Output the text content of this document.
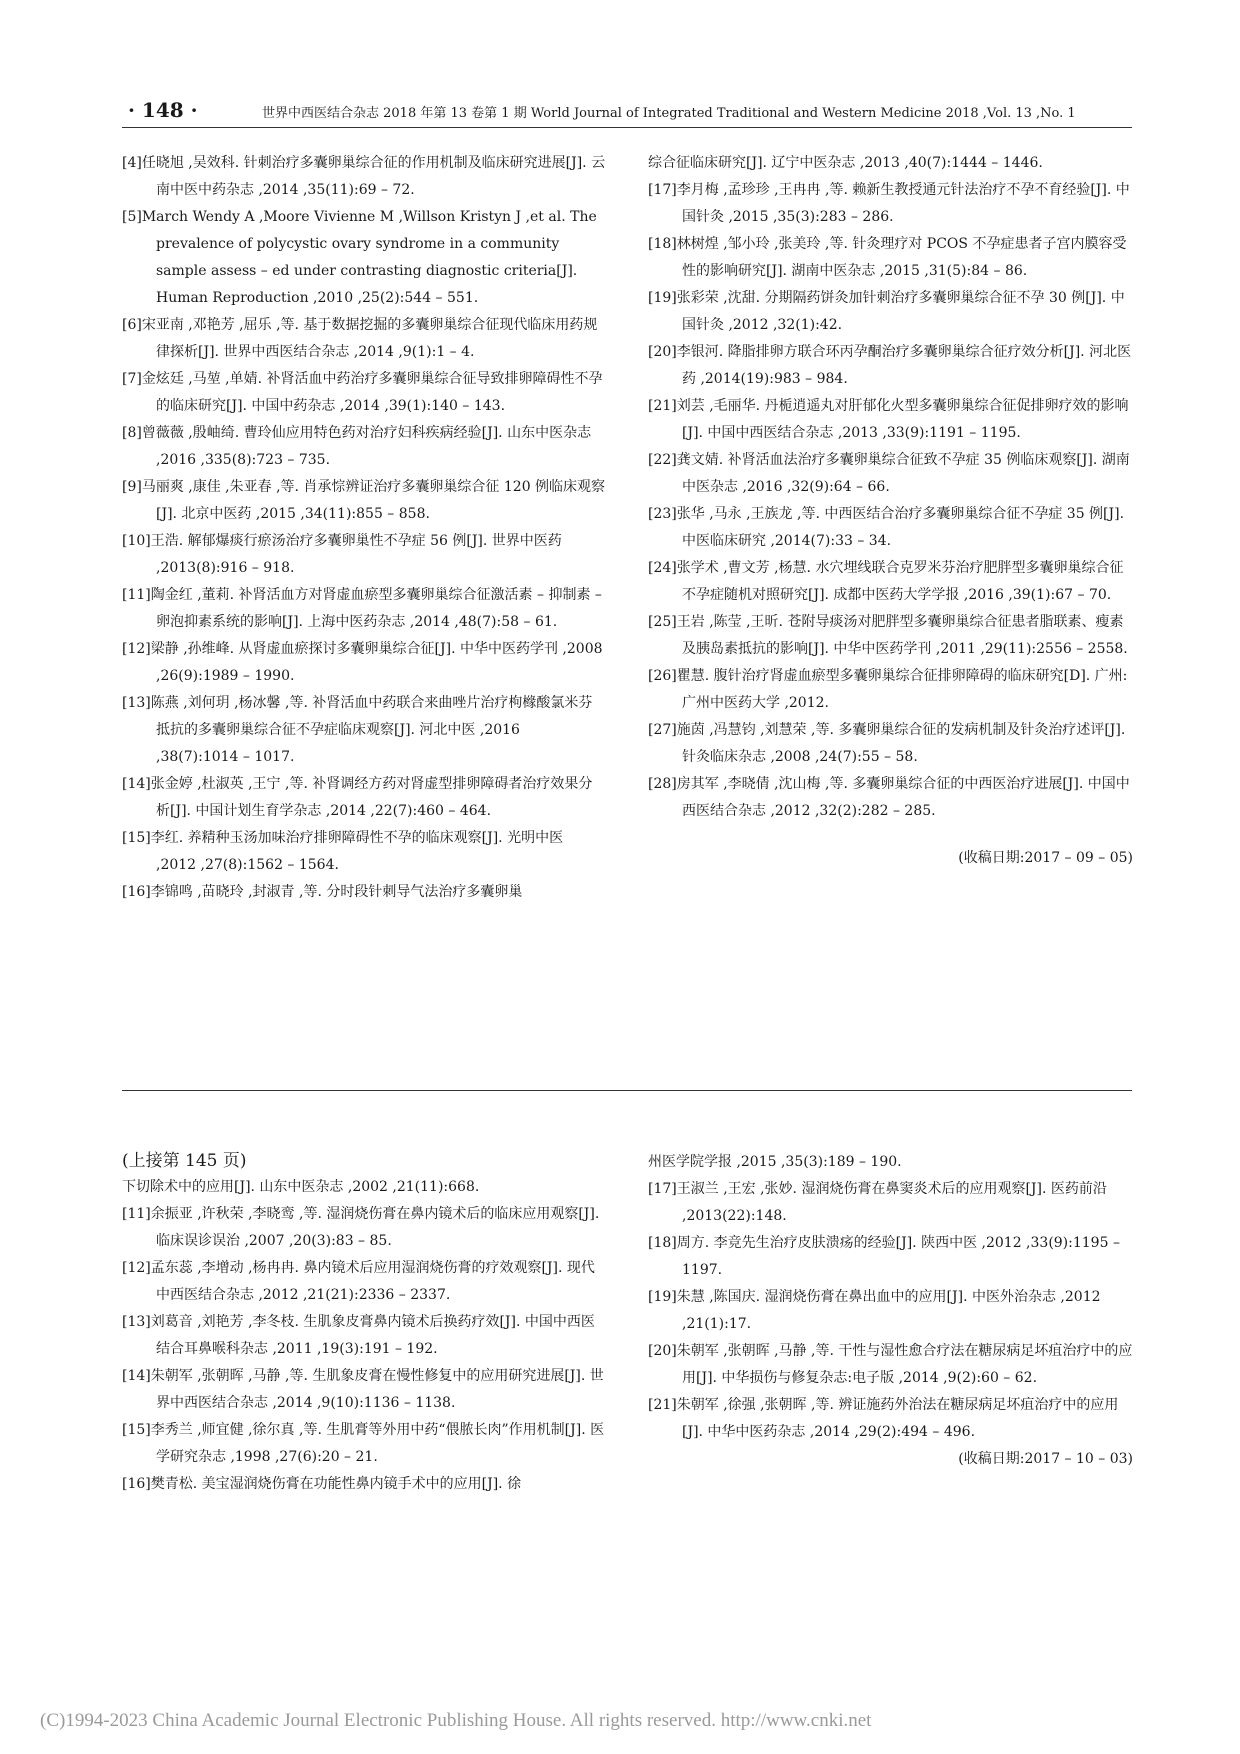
· 148 ·	世界中西医结合杂志 2018 年第 13 卷第 1 期 World Journal of Integrated Traditional and Western Medicine 2018 ,Vol. 13 ,No. 1
[4]任晓旭 ,吴效科. 针刺治疗多囊卵巢综合征的作用机制及临床研究进展[J]. 云南中医中药杂志 ,2014 ,35(11):69 – 72.
[5]March Wendy A ,Moore Vivienne M ,Willson Kristyn J ,et al. The prevalence of polycystic ovary syndrome in a community sample assess – ed under contrasting diagnostic criteria[J]. Human Reproduction ,2010 ,25(2):544 – 551.
[6]宋亚南 ,邓艳芳 ,屈乐 ,等. 基于数据挖掘的多囊卵巢综合征现代临床用药规律探析[J]. 世界中西医结合杂志 ,2014 ,9(1):1 – 4.
[7]金炫廷 ,马堃 ,单婧. 补肾活血中药治疗多囊卵巢综合征导致排卵障碍性不孕的临床研究[J]. 中国中药杂志 ,2014 ,39(1):140 – 143.
[8]曾薇薇 ,殷岫绮. 曹玲仙应用特色药对治疗妇科疾病经验[J]. 山东中医杂志 ,2016 ,335(8):723 – 735.
[9]马丽爽 ,康佳 ,朱亚春 ,等. 肖承悰辨证治疗多囊卵巢综合征 120 例临床观察[J]. 北京中医药 ,2015 ,34(11):855 – 858.
[10]王浩. 解郁爆痰行瘀汤治疗多囊卵巢性不孕症 56 例[J]. 世界中医药 ,2013(8):916 – 918.
[11]陶金红 ,董莉. 补肾活血方对肾虚血瘀型多囊卵巢综合征激活素 – 抑制素 – 卵泡抑素系统的影响[J]. 上海中医药杂志 ,2014 ,48(7):58 – 61.
[12]梁静 ,孙维峰. 从肾虚血瘀探讨多囊卵巢综合征[J]. 中华中医药学刊 ,2008 ,26(9):1989 – 1990.
[13]陈燕 ,刘何玥 ,杨冰馨 ,等. 补肾活血中药联合来曲唑片治疗枸橼酸氯米芬抵抗的多囊卵巢综合征不孕症临床观察[J]. 河北中医 ,2016 ,38(7):1014 – 1017.
[14]张金婷 ,杜淑英 ,王宁 ,等. 补肾调经方药对肾虚型排卵障碍者治疗效果分析[J]. 中国计划生育学杂志 ,2014 ,22(7):460 – 464.
[15]李红. 养精种玉汤加味治疗排卵障碍性不孕的临床观察[J]. 光明中医 ,2012 ,27(8):1562 – 1564.
[16]李锦鸣 ,苗晓玲 ,封淑青 ,等. 分时段针刺导气法治疗多囊卵巢
综合征临床研究[J]. 辽宁中医杂志 ,2013 ,40(7):1444 – 1446.
[17]李月梅 ,孟珍珍 ,王冉冉 ,等. 赖新生教授通元针法治疗不孕不育经验[J]. 中国针灸 ,2015 ,35(3):283 – 286.
[18]林树煌 ,邹小玲 ,张美玲 ,等. 针灸理疗对 PCOS 不孕症患者子宫内膜容受性的影响研究[J]. 湖南中医杂志 ,2015 ,31(5):84 – 86.
[19]张彩荣 ,沈甜. 分期隔药饼灸加针刺治疗多囊卵巢综合征不孕 30 例[J]. 中国针灸 ,2012 ,32(1):42.
[20]李银河. 降脂排卵方联合环丙孕酮治疗多囊卵巢综合征疗效分析[J]. 河北医药 ,2014(19):983 – 984.
[21]刘芸 ,毛丽华. 丹栀逍遥丸对肝郁化火型多囊卵巢综合征促排卵疗效的影响[J]. 中国中西医结合杂志 ,2013 ,33(9):1191 – 1195.
[22]龚文婧. 补肾活血法治疗多囊卵巢综合征致不孕症 35 例临床观察[J]. 湖南中医杂志 ,2016 ,32(9):64 – 66.
[23]张华 ,马永 ,王族龙 ,等. 中西医结合治疗多囊卵巢综合征不孕症 35 例[J]. 中医临床研究 ,2014(7):33 – 34.
[24]张学术 ,曹文芳 ,杨慧. 水穴埋线联合克罗米芬治疗肥胖型多囊卵巢综合征不孕症随机对照研究[J]. 成都中医药大学学报 ,2016 ,39(1):67 – 70.
[25]王岩 ,陈莹 ,王昕. 苍附导痰汤对肥胖型多囊卵巢综合征患者脂联素、瘦素及胰岛素抵抗的影响[J]. 中华中医药学刊 ,2011 ,29(11):2556 – 2558.
[26]瞿慧. 腹针治疗肾虚血瘀型多囊卵巢综合征排卵障碍的临床研究[D]. 广州:广州中医药大学 ,2012.
[27]施茵 ,冯慧钧 ,刘慧荣 ,等. 多囊卵巢综合征的发病机制及针灸治疗述评[J]. 针灸临床杂志 ,2008 ,24(7):55 – 58.
[28]房其军 ,李晓倩 ,沈山梅 ,等. 多囊卵巢综合征的中西医治疗进展[J]. 中国中西医结合杂志 ,2012 ,32(2):282 – 285.
(收稿日期:2017 – 09 – 05)
(上接第 145 页)
下切除术中的应用[J]. 山东中医杂志 ,2002 ,21(11):668.
[11]余振亚 ,许秋荣 ,李晓鸾 ,等. 湿润烧伤膏在鼻内镜术后的临床应用观察[J]. 临床误诊误治 ,2007 ,20(3):83 – 85.
[12]孟东蕊 ,李增动 ,杨冉冉. 鼻内镜术后应用湿润烧伤膏的疗效观察[J]. 现代中西医结合杂志 ,2012 ,21(21):2336 – 2337.
[13]刘葛音 ,刘艳芳 ,李冬枝. 生肌象皮膏鼻内镜术后换药疗效[J]. 中国中西医结合耳鼻喉科杂志 ,2011 ,19(3):191 – 192.
[14]朱朝军 ,张朝晖 ,马静 ,等. 生肌象皮膏在慢性修复中的应用研究进展[J]. 世界中西医结合杂志 ,2014 ,9(10):1136 – 1138.
[15]李秀兰 ,师宜健 ,徐尔真 ,等. 生肌膏等外用中药“偎脓长肉”作用机制[J]. 医学研究杂志 ,1998 ,27(6):20 – 21.
[16]樊青松. 美宝湿润烧伤膏在功能性鼻内镜手术中的应用[J]. 徐
州医学院学报 ,2015 ,35(3):189 – 190.
[17]王淑兰 ,王宏 ,张妙. 湿润烧伤膏在鼻窦炎术后的应用观察[J]. 医药前沿 ,2013(22):148.
[18]周方. 李竞先生治疗皮肤溃疡的经验[J]. 陕西中医 ,2012 ,33(9):1195 – 1197.
[19]朱慧 ,陈国庆. 湿润烧伤膏在鼻出血中的应用[J]. 中医外治杂志 ,2012 ,21(1):17.
[20]朱朝军 ,张朝晖 ,马静 ,等. 干性与湿性愈合疗法在糖尿病足坏疽治疗中的应用[J]. 中华损伤与修复杂志:电子版 ,2014 ,9(2):60 – 62.
[21]朱朝军 ,徐强 ,张朝晖 ,等. 辨证施药外治法在糖尿病足坏疽治疗中的应用[J]. 中华中医药杂志 ,2014 ,29(2):494 – 496.
(收稿日期:2017 – 10 – 03)
(C)1994-2023 China Academic Journal Electronic Publishing House. All rights reserved. http://www.cnki.net
